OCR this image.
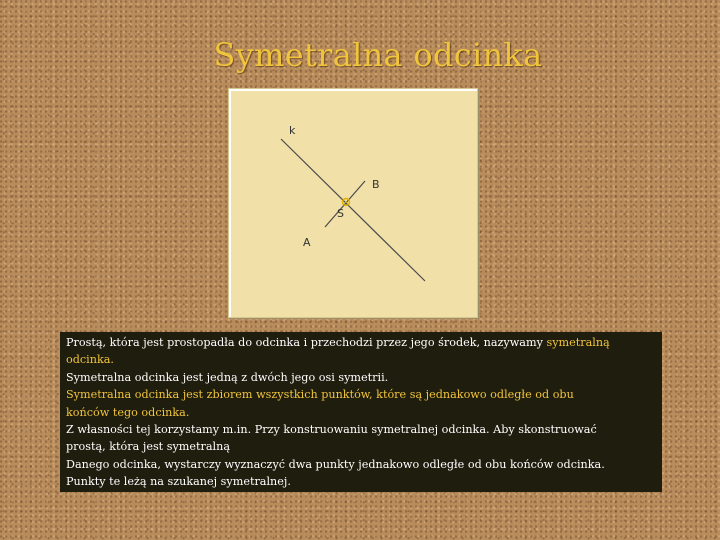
Symetralna odcinka
k
B
S
A
Prostą, która jest prostopadła do odcinka i przechodzi przez jego środek, nazywamy symetralną
odcinka.
Symetralna odcinka jest jedną z dwóch jego osi symetrii.
Symetralna odcinka jest zbiorem wszystkich punktów, które są jednakowo odległe od obu
końców tego odcinka.
Z własności tej korzystamy m.in. Przy konstruowaniu symetralnej odcinka. Aby skonstruować
prostą, która jest symetralną
Danego odcinka, wystarczy wyznaczyć dwa punkty jednakowo odległe od obu końców odcinka.
Punkty te leżą na szukanej symetralnej.
